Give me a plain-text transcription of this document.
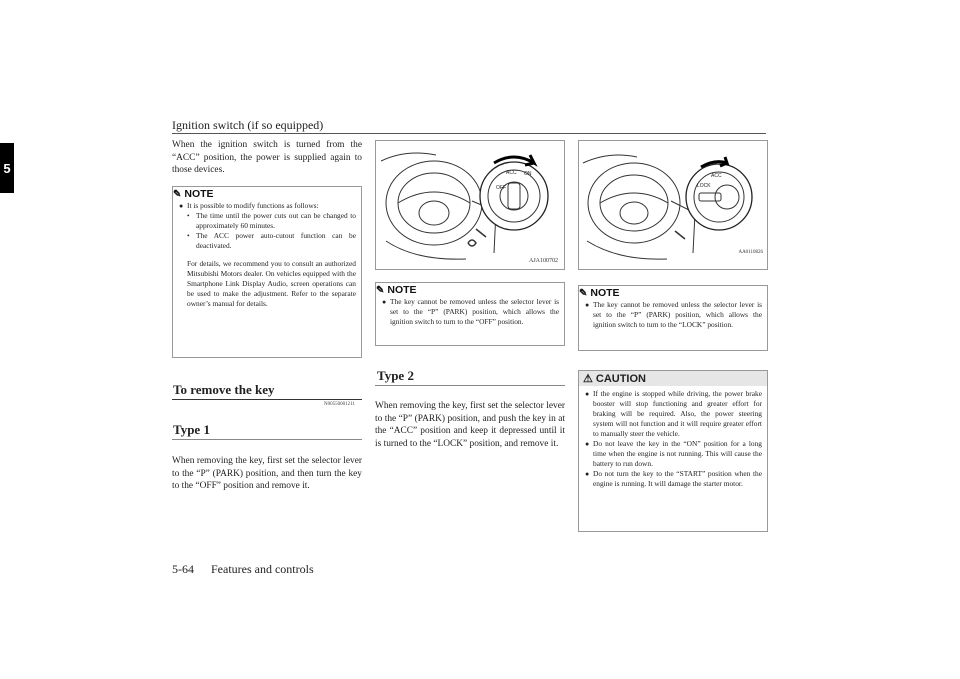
Ignition switch (if so equipped)
5
When the ignition switch is turned from the “ACC” position, the power is supplied again to those devices.
✎ NOTE
● It is possible to modify functions as follows:
• The time until the power cuts out can be changed to approximately 60 minutes.
• The ACC power auto-cutout function can be deactivated.

For details, we recommend you to consult an authorized Mitsubishi Motors dealer. On vehicles equipped with the Smartphone Link Display Audio, screen operations can be used to make the adjustment. Refer to the separate owner’s manual for details.

To remove the key
N00550001211
Type 1
When removing the key, first set the selector lever to the “P” (PARK) position, and then turn the key to the “OFF” position and remove it.
OFF
ACC ON
AJA100702
✎ NOTE
● The key cannot be removed unless the selector lever is set to the “P” (PARK) position, which allows the ignition switch to turn to the “OFF” position.
Type 2
When removing the key, first set the selector lever to the “P” (PARK) position, and push the key in at the “ACC” position and keep it depressed until it is turned to the “LOCK” position, and remove it.
LOCK
ACC
AA0110826
✎ NOTE
● The key cannot be removed unless the selector lever is set to the “P” (PARK) position, which allows the ignition switch to turn to the “LOCK” position.
⚠ CAUTION
● If the engine is stopped while driving, the power brake booster will stop functioning and greater effort for braking will be required. Also, the power steering system will not function and it will require greater effort to manually steer the vehicle.
● Do not leave the key in the “ON” position for a long time when the engine is not running. This will cause the battery to run down.
● Do not turn the key to the “START” position when the engine is running. It will damage the starter motor.
5-64 Features and controls
